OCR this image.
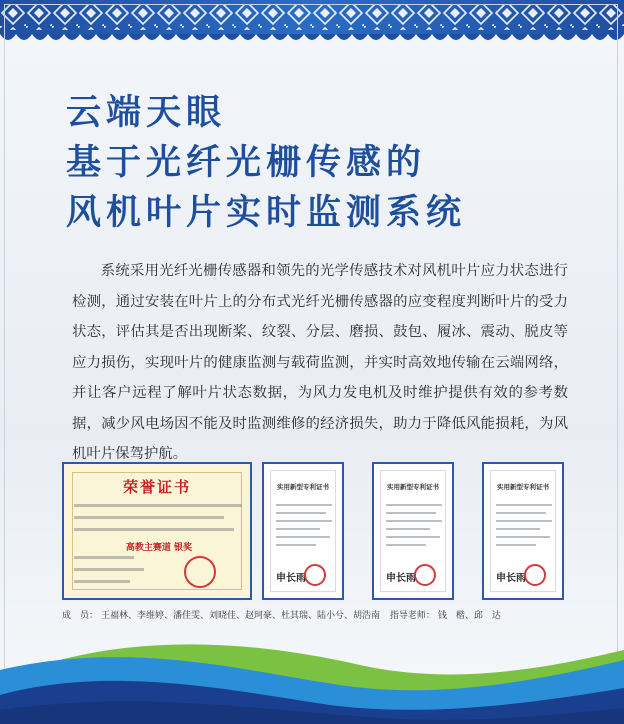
云端天眼
基于光纤光栅传感的
风机叶片实时监测系统

系统采用光纤光栅传感器和领先的光学传感技术对风机叶片应力状态进行检测，通过安装在叶片上的分布式光纤光栅传感器的应变程度判断叶片的受力状态，评估其是否出现断桨、纹裂、分层、磨损、鼓包、履冰、震动、脱皮等应力损伤，实现叶片的健康监测与载荷监测，并实时高效地传输在云端网络，并让客户远程了解叶片状态数据，为风力发电机及时维护提供有效的参考数据，减少风电场因不能及时监测维修的经济损失，助力于降低风能损耗，为风机叶片保驾护航。

荣誉证书
高教主赛道 银奖
实用新型专利证书
申长雨
实用新型专利证书
申长雨
实用新型专利证书
申长雨
成　员： 王福林、李维婷、潘佳雯、刘晓佳、赵珂豪、杜其瑞、陆小兮、胡浩南 指导老师： 钱　楷、邱　达
